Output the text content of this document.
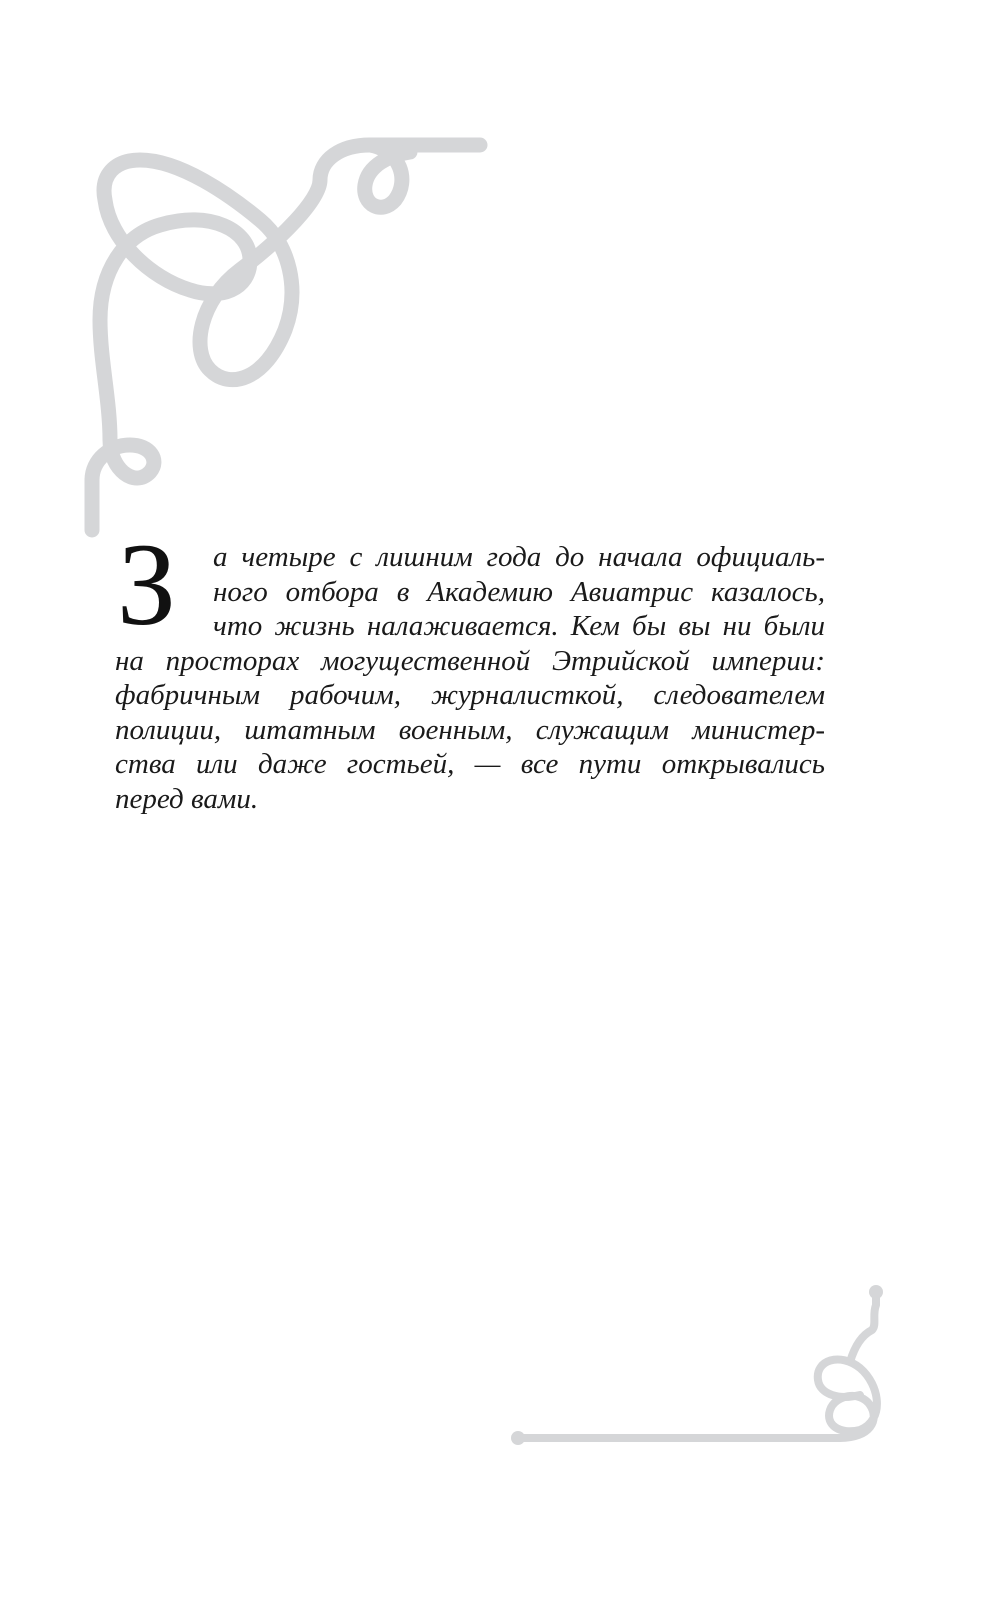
З	а четыре с лишним года до начала официаль-
ного отбора в Академию Авиатрис казалось,
что жизнь налаживается. Кем бы вы ни были
на просторах могущественной Этрийской империи:
фабричным рабочим, журналисткой, следователем
полиции, штатным военным, служащим министер-
ства или даже гостьей, — все пути открывались
перед вами.
